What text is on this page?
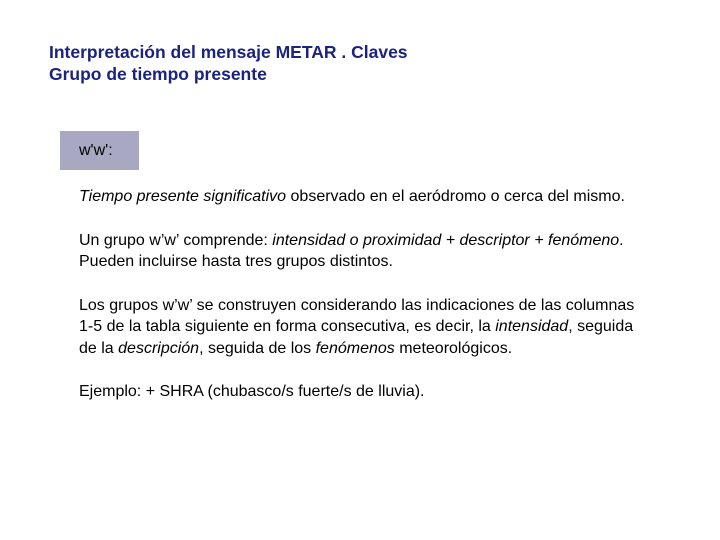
Interpretación del mensaje METAR . Claves
Grupo de tiempo presente
w'w':

Tiempo presente significativo observado en el aeródromo o cerca del mismo.

Un grupo w’w’ comprende: intensidad o proximidad + descriptor + fenómeno. Pueden incluirse hasta tres grupos distintos.

Los grupos w’w’ se construyen considerando las indicaciones de las columnas 1-5 de la tabla siguiente en forma consecutiva, es decir, la intensidad, seguida de la descripción, seguida de los fenómenos meteorológicos.

Ejemplo: + SHRA (chubasco/s fuerte/s de lluvia).
